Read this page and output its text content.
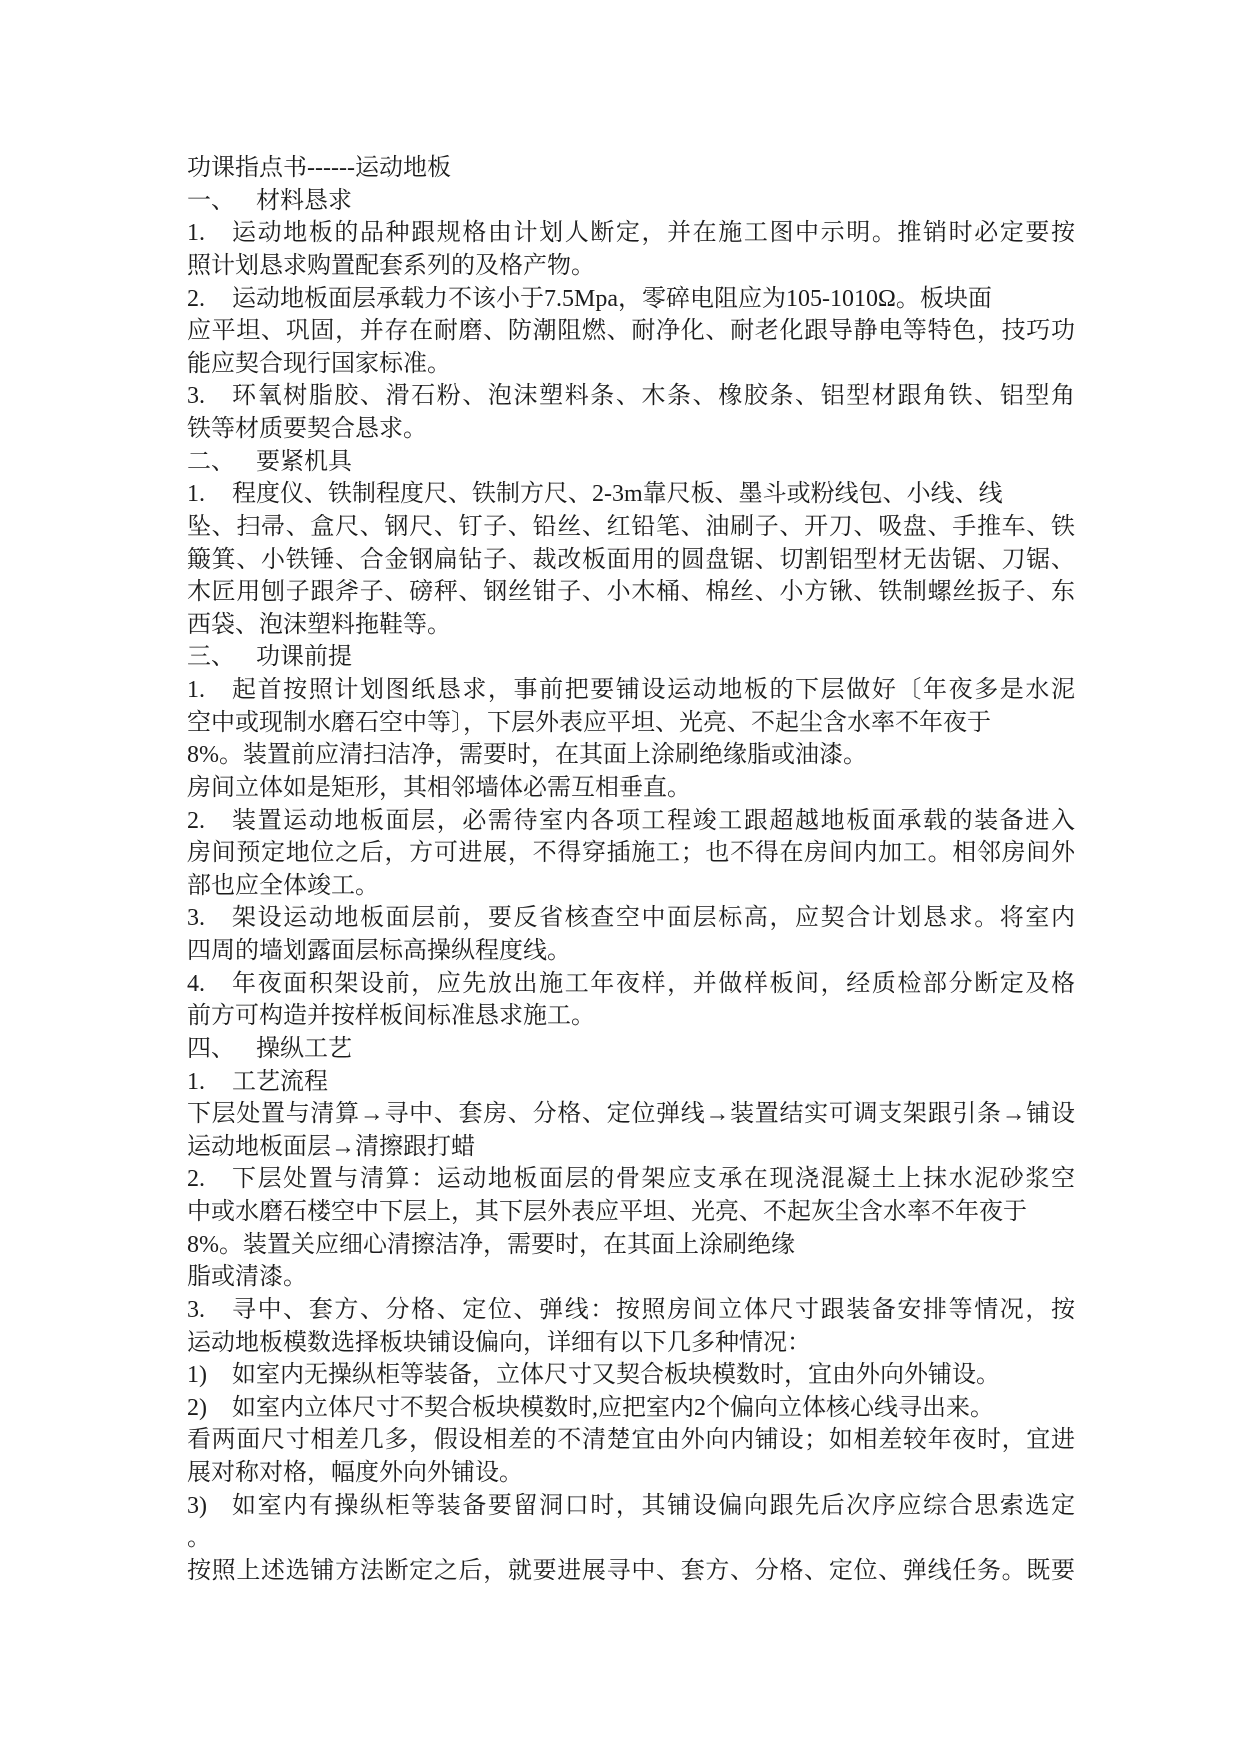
功课指点书------运动地板
一、 材料恳求
1.	运动地板的品种跟规格由计划人断定，并在施工图中示明。推销时必定要按
照计划恳求购置配套系列的及格产物。
2.	运动地板面层承载力不该小于7.5Mpa，零碎电阻应为105-1010Ω。板块面
应平坦、巩固，并存在耐磨、防潮阻燃、耐净化、耐老化跟导静电等特色，技巧功
能应契合现行国家标准。
3.	环氧树脂胶、滑石粉、泡沫塑料条、木条、橡胶条、铝型材跟角铁、铝型角
铁等材质要契合恳求。
二、 要紧机具
1.	程度仪、铁制程度尺、铁制方尺、2-3m靠尺板、墨斗或粉线包、小线、线
坠、扫帚、盒尺、钢尺、钉子、铅丝、红铅笔、油刷子、开刀、吸盘、手推车、铁
簸箕、小铁锤、合金钢扁钻子、裁改板面用的圆盘锯、切割铝型材无齿锯、刀锯、
木匠用刨子跟斧子、磅秤、钢丝钳子、小木桶、棉丝、小方锹、铁制螺丝扳子、东
西袋、泡沫塑料拖鞋等。
三、 功课前提
1.	起首按照计划图纸恳求，事前把要铺设运动地板的下层做好〔年夜多是水泥
空中或现制水磨石空中等〕，下层外表应平坦、光亮、不起尘含水率不年夜于
8%。装置前应清扫洁净，需要时，在其面上涂刷绝缘脂或油漆。
房间立体如是矩形，其相邻墙体必需互相垂直。
2.	装置运动地板面层，必需待室内各项工程竣工跟超越地板面承载的装备进入
房间预定地位之后，方可进展，不得穿插施工；也不得在房间内加工。相邻房间外
部也应全体竣工。
3.	架设运动地板面层前，要反省核查空中面层标高，应契合计划恳求。将室内
四周的墙划露面层标高操纵程度线。
4.	年夜面积架设前，应先放出施工年夜样，并做样板间，经质检部分断定及格
前方可构造并按样板间标准恳求施工。
四、 操纵工艺
1.	工艺流程
下层处置与清算→寻中、套房、分格、定位弹线→装置结实可调支架跟引条→铺设
运动地板面层→清擦跟打蜡
2.	下层处置与清算：运动地板面层的骨架应支承在现浇混凝土上抹水泥砂浆空
中或水磨石楼空中下层上，其下层外表应平坦、光亮、不起灰尘含水率不年夜于
8%。装置关应细心清擦洁净，需要时，在其面上涂刷绝缘
脂或清漆。
3.	寻中、套方、分格、定位、弹线：按照房间立体尺寸跟装备安排等情况，按
运动地板模数选择板块铺设偏向，详细有以下几多种情况：
1)	如室内无操纵柜等装备，立体尺寸又契合板块模数时，宜由外向外铺设。
2)	如室内立体尺寸不契合板块模数时,应把室内2个偏向立体核心线寻出来。
看两面尺寸相差几多，假设相差的不清楚宜由外向内铺设；如相差较年夜时，宜进
展对称对格，幅度外向外铺设。
3)	如室内有操纵柜等装备要留洞口时，其铺设偏向跟先后次序应综合思索选定
。
按照上述选铺方法断定之后，就要进展寻中、套方、分格、定位、弹线任务。既要
